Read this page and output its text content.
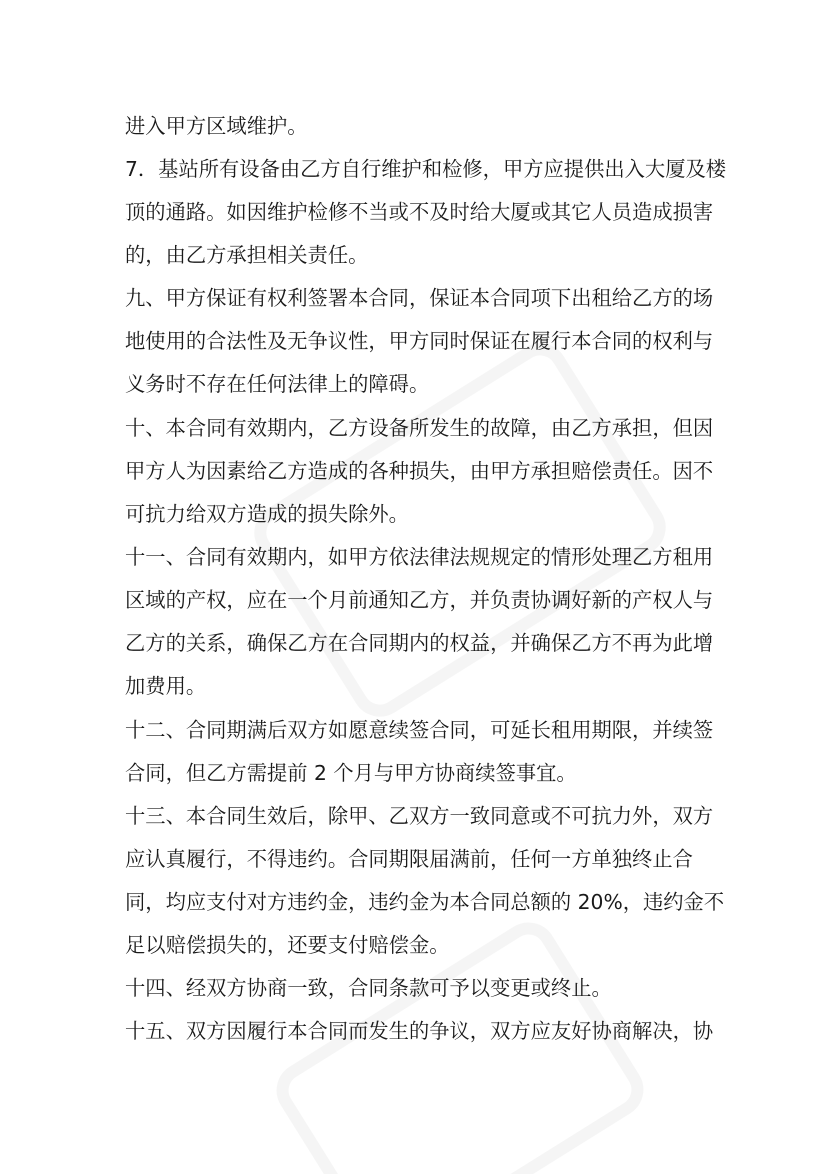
进入甲方区域维护。
7．基站所有设备由乙方自行维护和检修，甲方应提供出入大厦及楼
顶的通路。如因维护检修不当或不及时给大厦或其它人员造成损害
的，由乙方承担相关责任。
九、甲方保证有权利签署本合同，保证本合同项下出租给乙方的场
地使用的合法性及无争议性，甲方同时保证在履行本合同的权利与
义务时不存在任何法律上的障碍。
十、本合同有效期内，乙方设备所发生的故障，由乙方承担，但因
甲方人为因素给乙方造成的各种损失，由甲方承担赔偿责任。因不
可抗力给双方造成的损失除外。
十一、合同有效期内，如甲方依法律法规规定的情形处理乙方租用
区域的产权，应在一个月前通知乙方，并负责协调好新的产权人与
乙方的关系，确保乙方在合同期内的权益，并确保乙方不再为此增
加费用。
十二、合同期满后双方如愿意续签合同，可延长租用期限，并续签
合同，但乙方需提前 2 个月与甲方协商续签事宜。
十三、本合同生效后，除甲、乙双方一致同意或不可抗力外，双方
应认真履行，不得违约。合同期限届满前，任何一方单独终止合
同，均应支付对方违约金，违约金为本合同总额的 20%，违约金不
足以赔偿损失的，还要支付赔偿金。
十四、经双方协商一致，合同条款可予以变更或终止。
十五、双方因履行本合同而发生的争议，双方应友好协商解决，协
